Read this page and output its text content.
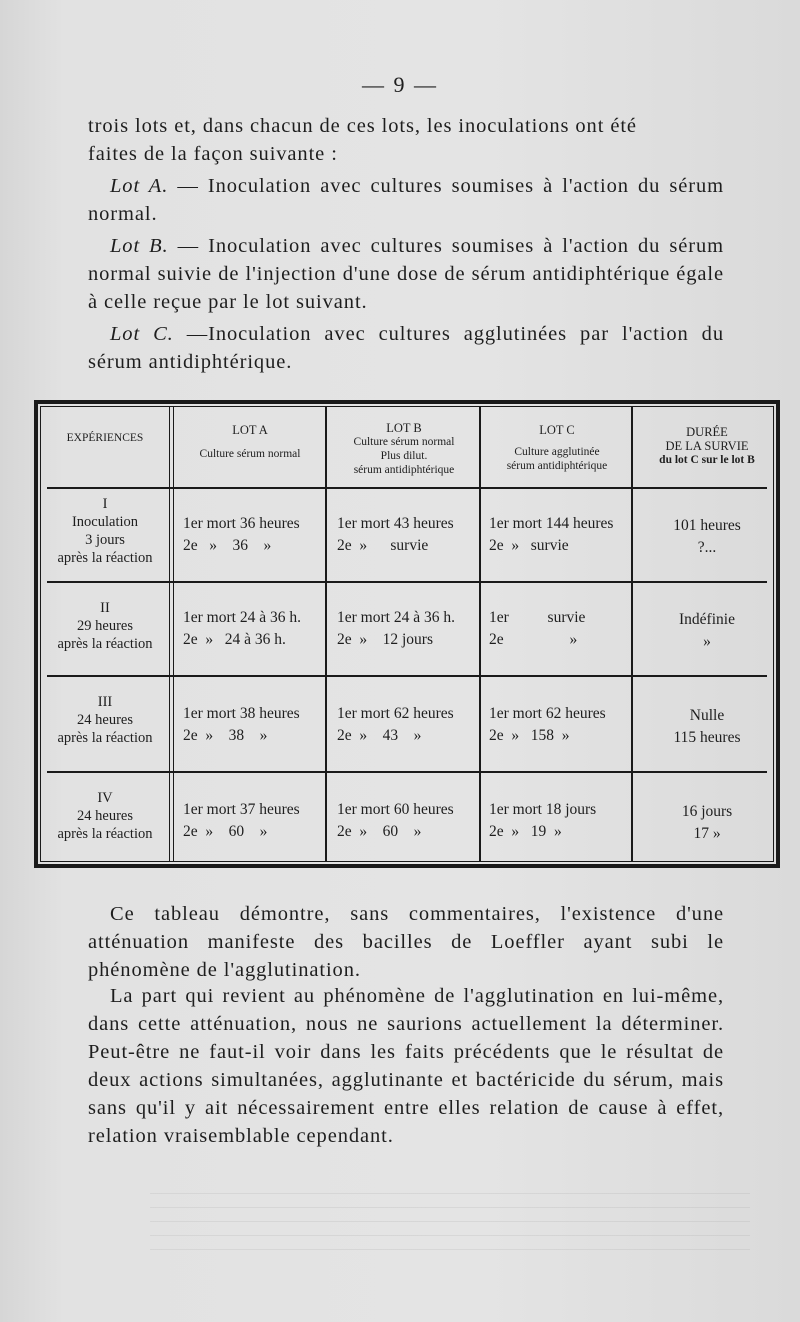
— 9 —

trois lots et, dans chacun de ces lots, les inoculations ont été

faites de la façon suivante :

Lot A. — Inoculation avec cultures soumises à l'action du sérum normal.

Lot B. — Inoculation avec cultures soumises à l'action du sérum normal suivie de l'injection d'une dose de sérum antidiphtérique égale à celle reçue par le lot suivant.

Lot C. —Inoculation avec cultures agglutinées par l'action du sérum antidiphtérique.

EXPÉRIENCES
LOT A
Culture sérum normal
LOT B
Culture sérum normal
Plus dilut.
sérum antidiphtérique
LOT C
Culture agglutinée
sérum antidiphtérique
DURÉE
DE LA SURVIE
du lot C sur le lot B
I
Inoculation
3 jours
après la réaction
1er mort 36 heures
2e   »    36    »
1er mort 43 heures
2e  »      survie
1er mort 144 heures
2e  »   survie
101 heures
?...
II
29 heures
après la réaction
1er mort 24 à 36 h.
2e  »   24 à 36 h.
1er mort 24 à 36 h.
2e  »    12 jours
1er          survie
2e                 »
Indéfinie
»
III
24 heures
après la réaction
1er mort 38 heures
2e  »    38    »
1er mort 62 heures
2e  »    43    »
1er mort 62 heures
2e  »   158  »
Nulle
115 heures
IV
24 heures
après la réaction
1er mort 37 heures
2e  »    60    »
1er mort 60 heures
2e  »    60    »
1er mort 18 jours
2e  »   19  »
16 jours
17 »

Ce tableau démontre, sans commentaires, l'existence d'une atténuation manifeste des bacilles de Loeffler ayant subi le phénomène de l'agglutination.

La part qui revient au phénomène de l'agglutination en lui-même, dans cette atténuation, nous ne saurions actuellement la déterminer. Peut-être ne faut-il voir dans les faits précédents que le résultat de deux actions simultanées, agglutinante et bactéricide du sérum, mais sans qu'il y ait nécessairement entre elles relation de cause à effet, relation vraisemblable cependant.
